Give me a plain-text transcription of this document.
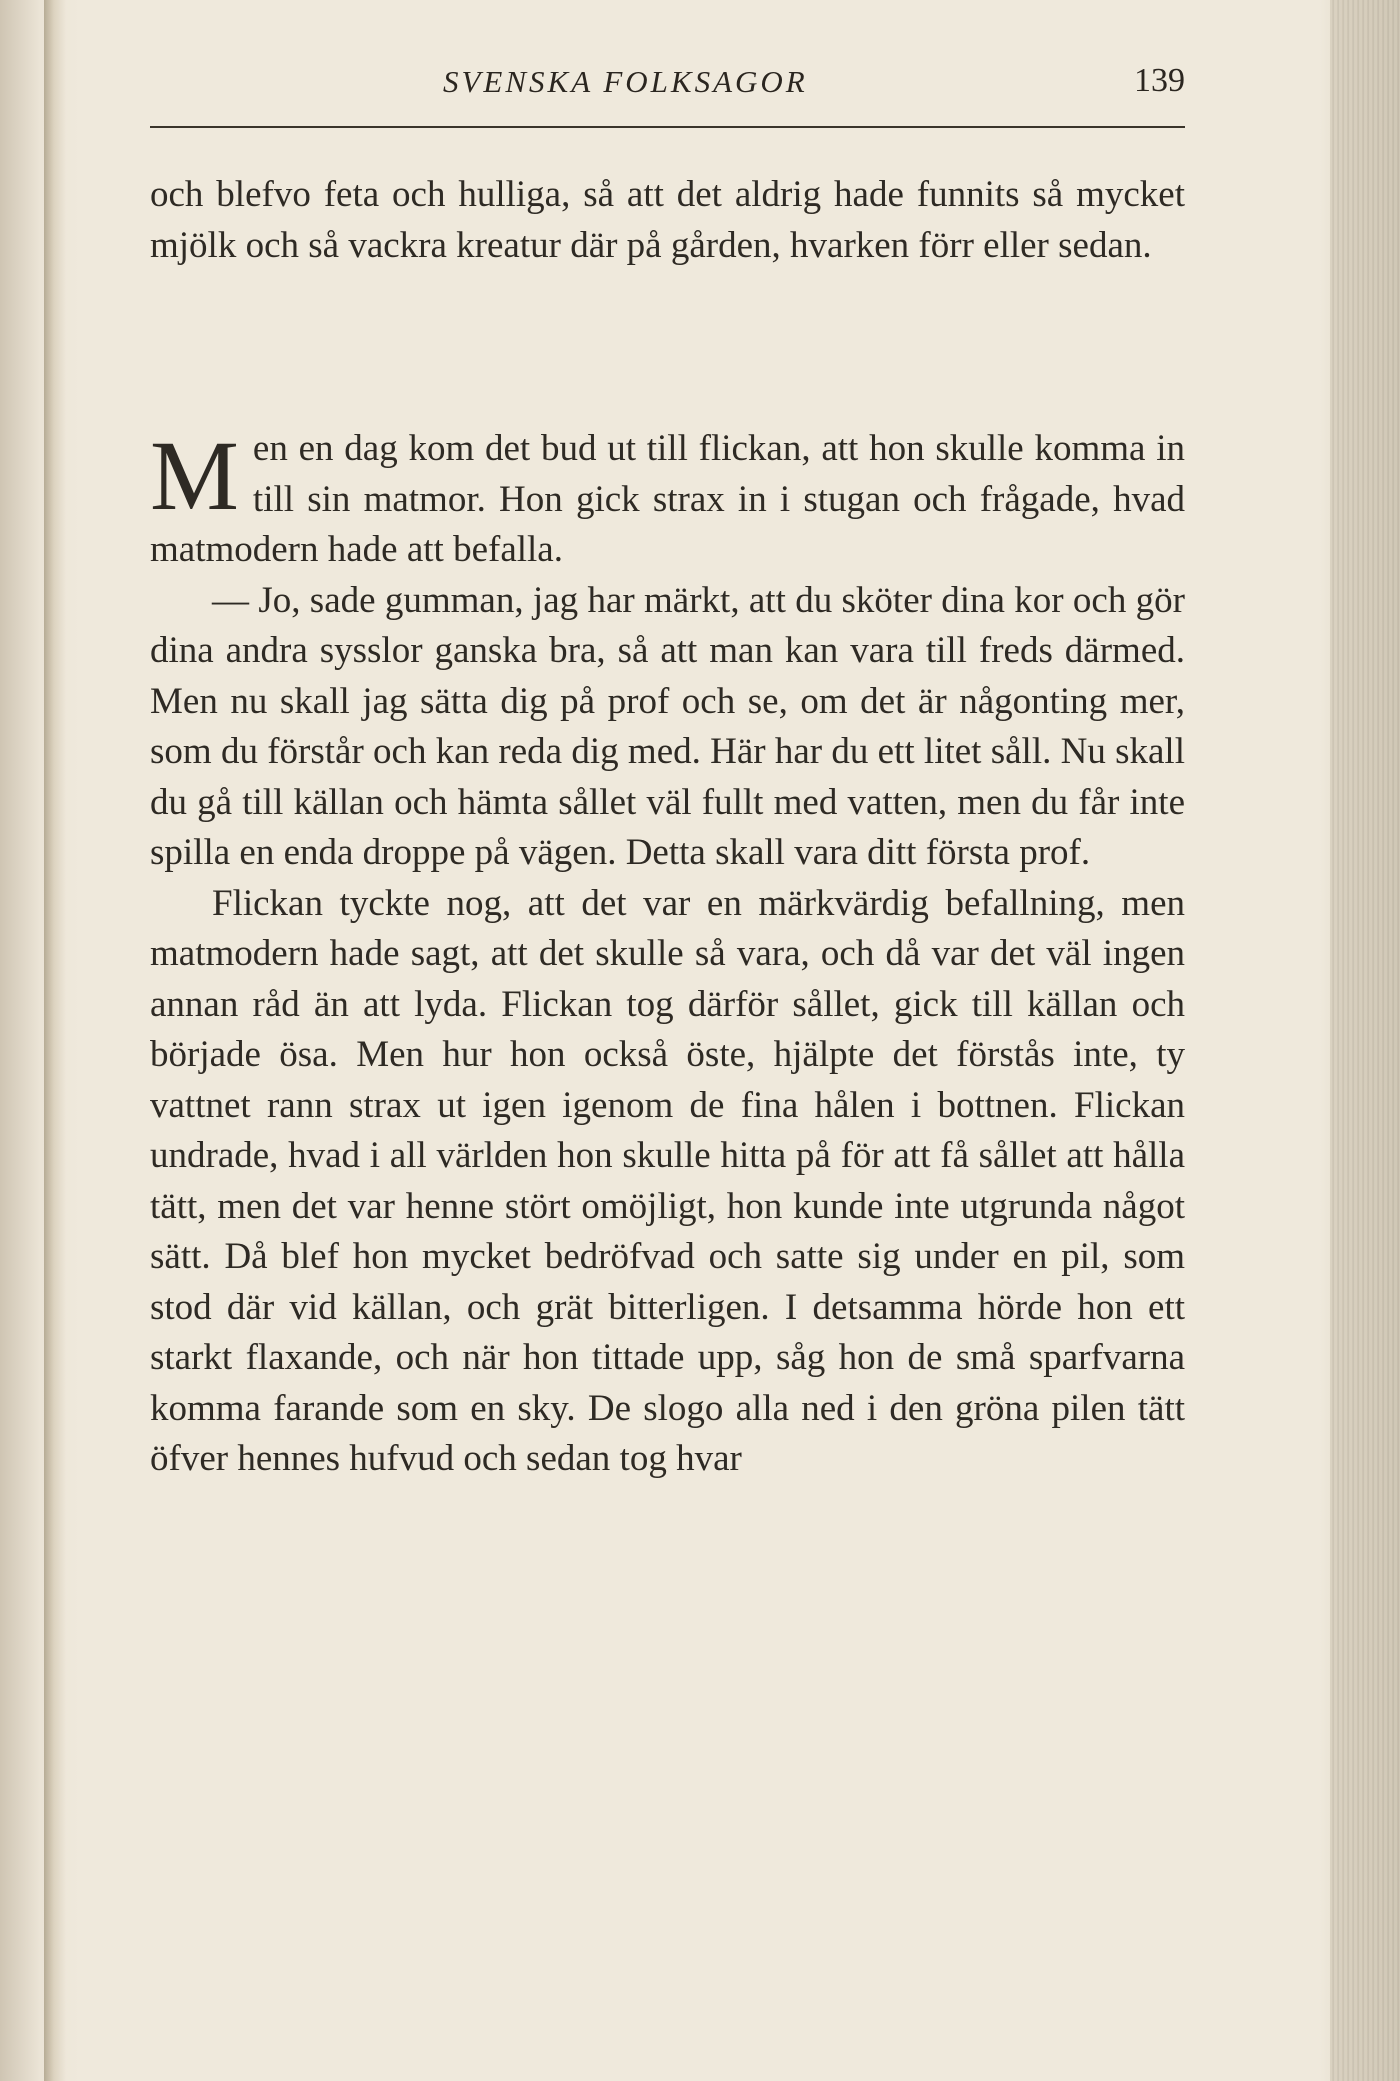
SVENSKA FOLKSAGOR	139

och blefvo feta och hulliga, så att det aldrig hade funnits så mycket mjölk och så vackra kreatur där på gården, hvarken förr eller sedan.

Men en dag kom det bud ut till flickan, att hon skulle komma in till sin matmor. Hon gick strax in i stugan och frågade, hvad matmodern hade att befalla.

— Jo, sade gumman, jag har märkt, att du sköter dina kor och gör dina andra sysslor ganska bra, så att man kan vara till freds därmed. Men nu skall jag sätta dig på prof och se, om det är någonting mer, som du förstår och kan reda dig med. Här har du ett litet såll. Nu skall du gå till källan och hämta sållet väl fullt med vatten, men du får inte spilla en enda droppe på vägen. Detta skall vara ditt första prof.

Flickan tyckte nog, att det var en märkvärdig befallning, men matmodern hade sagt, att det skulle så vara, och då var det väl ingen annan råd än att lyda. Flickan tog därför sållet, gick till källan och började ösa. Men hur hon också öste, hjälpte det förstås inte, ty vattnet rann strax ut igen igenom de fina hålen i bottnen. Flickan undrade, hvad i all världen hon skulle hitta på för att få sållet att hålla tätt, men det var henne stört omöjligt, hon kunde inte utgrunda något sätt. Då blef hon mycket bedröfvad och satte sig under en pil, som stod där vid källan, och grät bitterligen. I detsamma hörde hon ett starkt flaxande, och när hon tittade upp, såg hon de små sparfvarna komma farande som en sky. De slogo alla ned i den gröna pilen tätt öfver hennes hufvud och sedan tog hvar
